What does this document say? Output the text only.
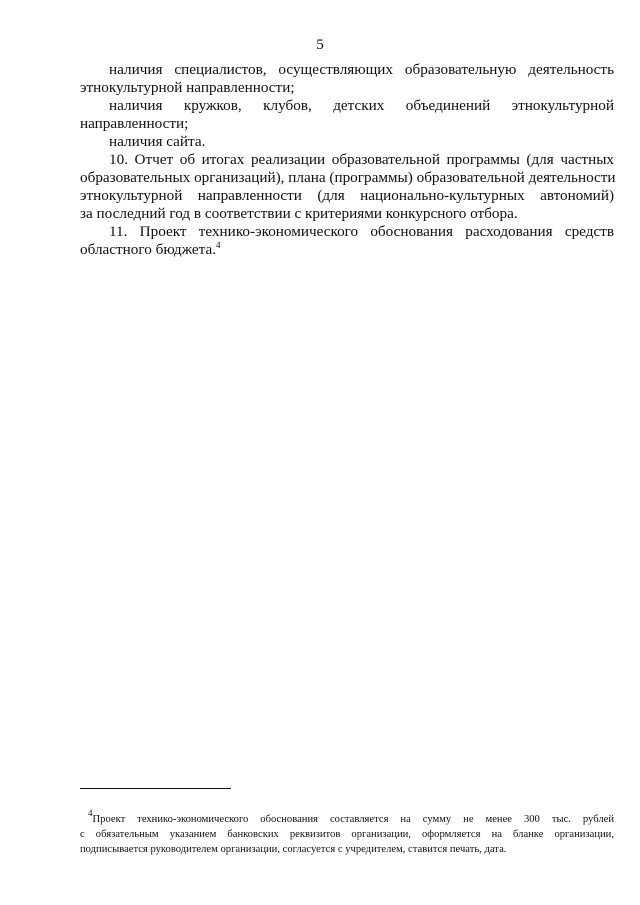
5
наличия специалистов, осуществляющих образовательную деятельность
этнокультурной направленности;
наличия кружков, клубов, детских объединений этнокультурной
направленности;
наличия сайта.
10. Отчет об итогах реализации образовательной программы (для частных
образовательных организаций), плана (программы) образовательной деятельности
этнокультурной направленности (для национально-культурных автономий)
за последний год в соответствии с критериями конкурсного отбора.
11. Проект технико-экономического обоснования расходования средств
областного бюджета.$^4$
$^4$Проект технико-экономического обоснования составляется на сумму не менее 300 тыс. рублей
с обязательным указанием банковских реквизитов организации, оформляется на бланке организации,
подписывается руководителем организации, согласуется с учредителем, ставится печать, дата.
